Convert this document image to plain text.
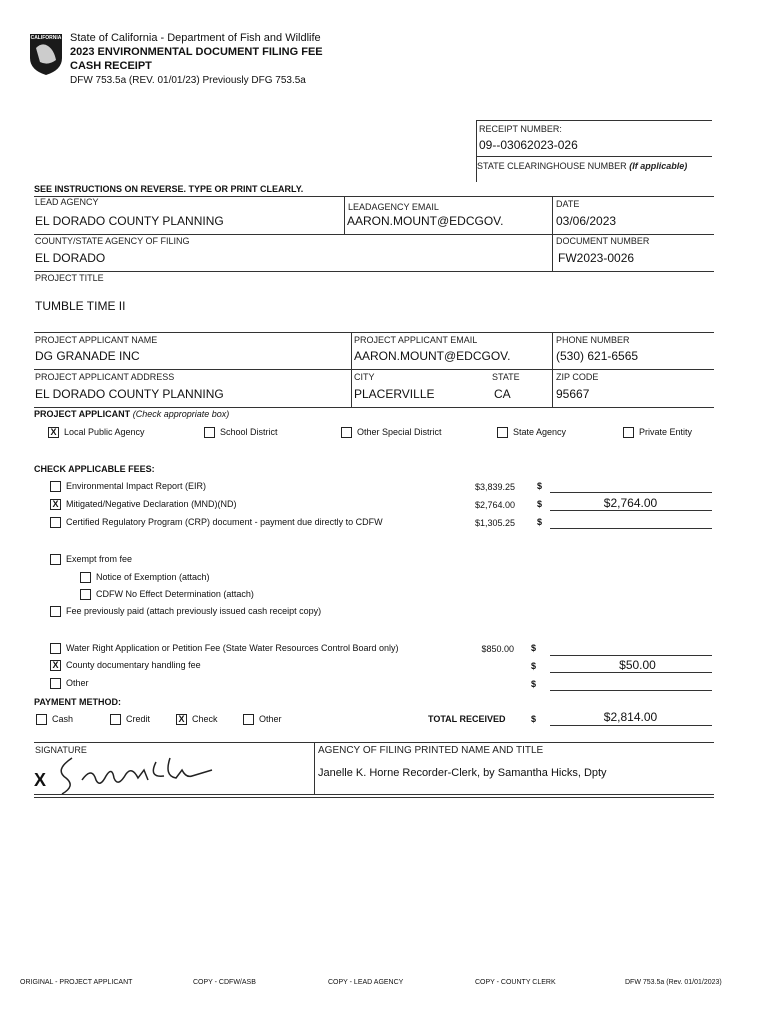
CALIFORNIA State of California - Department of Fish and Wildlife
2023 ENVIRONMENTAL DOCUMENT FILING FEE
CASH RECEIPT
DFW 753.5a (REV. 01/01/23) Previously DFG 753.5a
RECEIPT NUMBER:
09--03062023-026
STATE CLEARINGHOUSE NUMBER (If applicable)
SEE INSTRUCTIONS ON REVERSE. TYPE OR PRINT CLEARLY.
LEAD AGENCY
EL DORADO COUNTY PLANNING
LEADAGENCY EMAIL
AARON.MOUNT@EDCGOV.
DATE
03/06/2023
COUNTY/STATE AGENCY OF FILING
EL DORADO
DOCUMENT NUMBER
FW2023-0026
PROJECT TITLE
TUMBLE TIME II
PROJECT APPLICANT NAME
DG GRANADE INC
PROJECT APPLICANT EMAIL
AARON.MOUNT@EDCGOV.
PHONE NUMBER
(530) 621-6565
PROJECT APPLICANT ADDRESS
EL DORADO COUNTY PLANNING
CITY
PLACERVILLE
STATE
CA
ZIP CODE
95667
PROJECT APPLICANT (Check appropriate box)
X Local Public Agency	School District	Other Special District	State Agency	Private Entity
CHECK APPLICABLE FEES:
Environmental Impact Report (EIR)	$3,839.25 $
X Mitigated/Negative Declaration (MND)(ND)	$2,764.00 $	$2,764.00
Certified Regulatory Program (CRP) document - payment due directly to CDFW	$1,305.25 $
Exempt from fee
Notice of Exemption (attach)
CDFW No Effect Determination (attach)
Fee previously paid (attach previously issued cash receipt copy)
Water Right Application or Petition Fee (State Water Resources Control Board only)	$850.00 $
X County documentary handling fee	$	$50.00
Other	$
PAYMENT METHOD:
Cash	Credit	X Check	Other	TOTAL RECEIVED	$	$2,814.00
SIGNATURE
X
AGENCY OF FILING PRINTED NAME AND TITLE
Janelle K. Horne Recorder-Clerk, by Samantha Hicks, Dpty
ORIGINAL - PROJECT APPLICANT	COPY - CDFW/ASB	COPY - LEAD AGENCY	COPY - COUNTY CLERK	DFW 753.5a (Rev. 01/01/2023)
